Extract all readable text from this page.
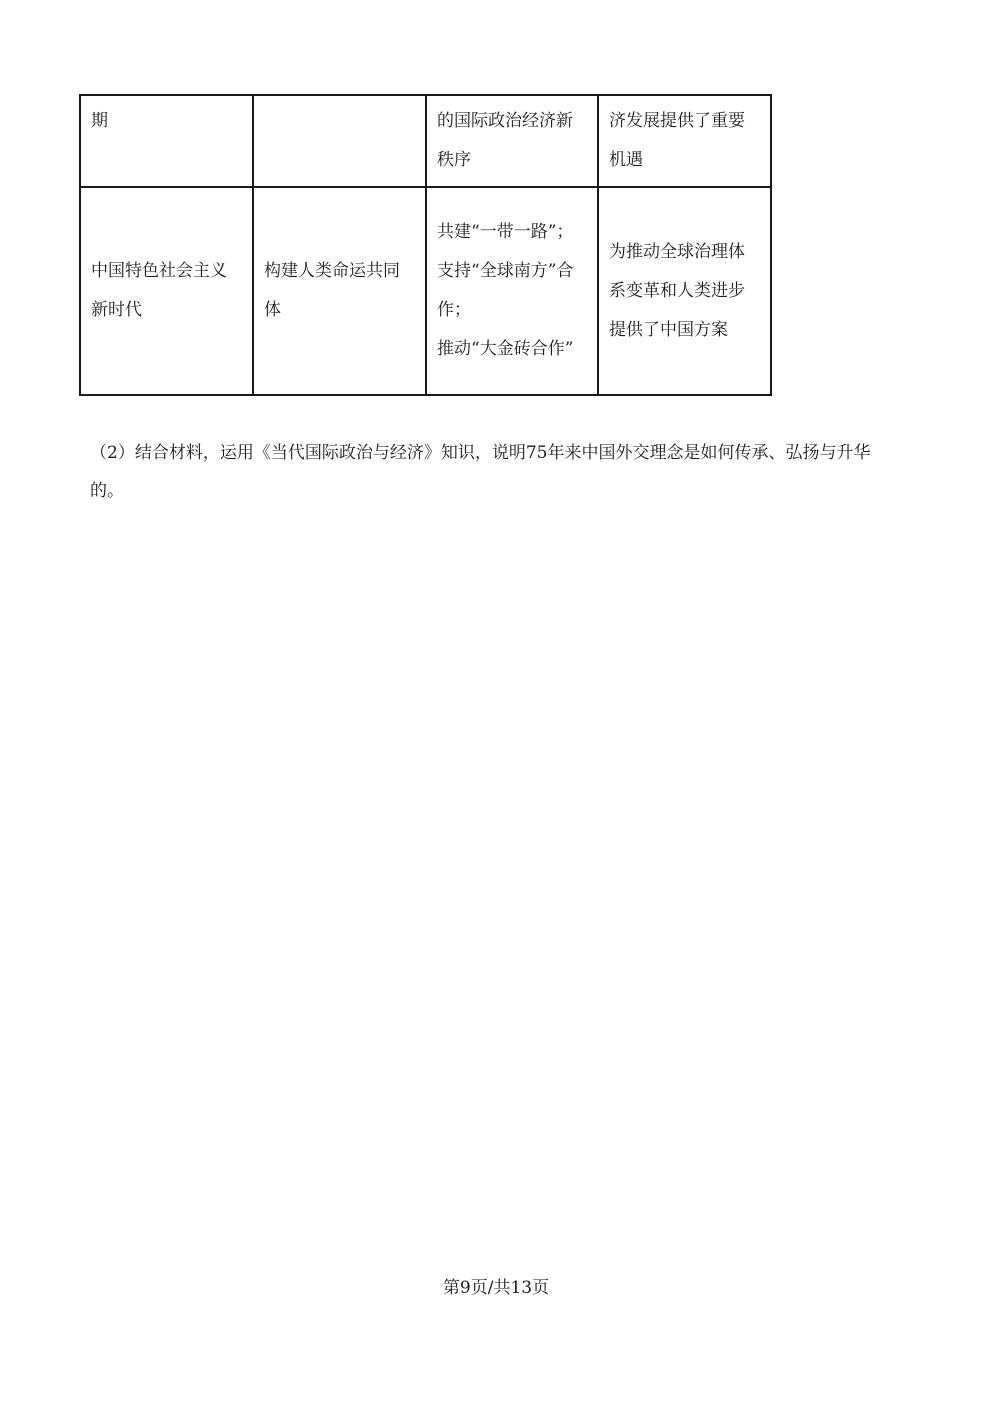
期		的国际政治经济新秩序	济发展提供了重要机遇
中国特色社会主义新时代	构建人类命运共同体	共建“一带一路”；
支持“全球南方”合作；
推动“大金砖合作”	为推动全球治理体系变革和人类进步提供了中国方案

（2）结合材料，运用《当代国际政治与经济》知识，说明75年来中国外交理念是如何传承、弘扬与升华的。

第9页/共13页
